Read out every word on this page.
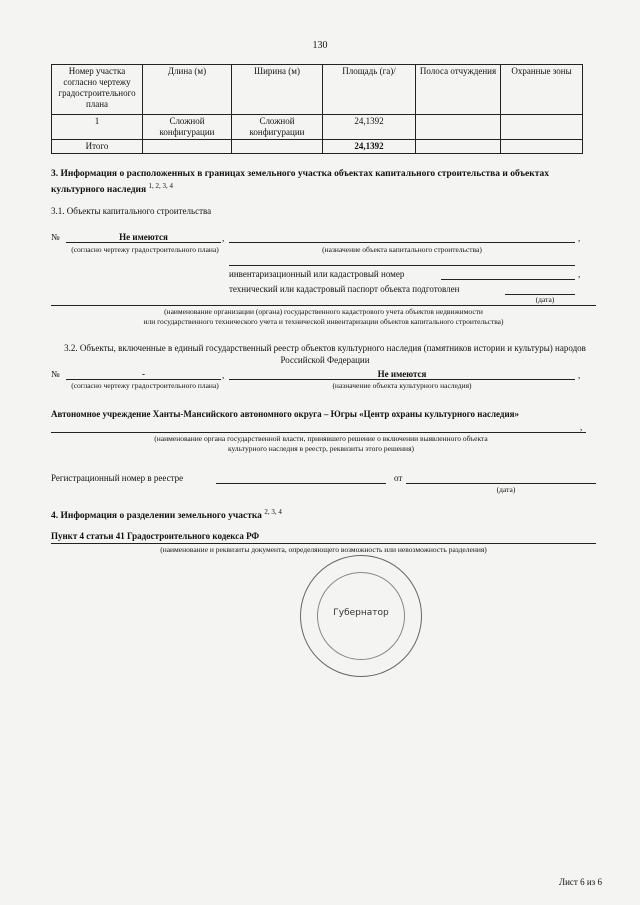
130
Номер участка согласно чертежу градостроительного плана	Длина (м)	Ширина (м)	Площадь (га)/	Полоса отчуждения	Охранные зоны
1	Сложной конфигурации	Сложной конфигурации	24,1392		
Итого			24,1392		
3. Информация о расположенных в границах земельного участка объектах капитального строительства и объектах культурного наследия $^{1, 2, 3, 4}$
3.1. Объекты капитального строительства
№	Не имеются	,	,
(согласно чертежу градостроительного плана)	(назначение объекта капитального строительства)
инвентаризационный или кадастровый номер	,
технический или кадастровый паспорт объекта подготовлен
(дата)
(наименование организации (органа) государственного кадастрового учета объектов недвижимости
или государственного технического учета и технической инвентаризации объектов капитального строительства)
3.2. Объекты, включенные в единый государственный реестр объектов культурного наследия (памятников истории и культуры) народов Российской Федерации
№	-	,	Не имеются	,
(согласно чертежу градостроительного плана)	(назначение объекта культурного наследия)
Автономное учреждение Ханты-Мансийского автономного округа – Югры «Центр охраны культурного наследия»
,
(наименование органа государственной власти, принявшего решение о включении выявленного объекта
культурного наследия в реестр, реквизиты этого решения)
Регистрационный номер в реестре	от
(дата)
4. Информация о разделении земельного участка $^{2, 3, 4}$
Пункт 4 статьи 41 Градостроительного кодекса РФ
(наименование и реквизиты документа, определяющего возможность или невозможность разделения)
Губернатор
Лист 6 из 6
